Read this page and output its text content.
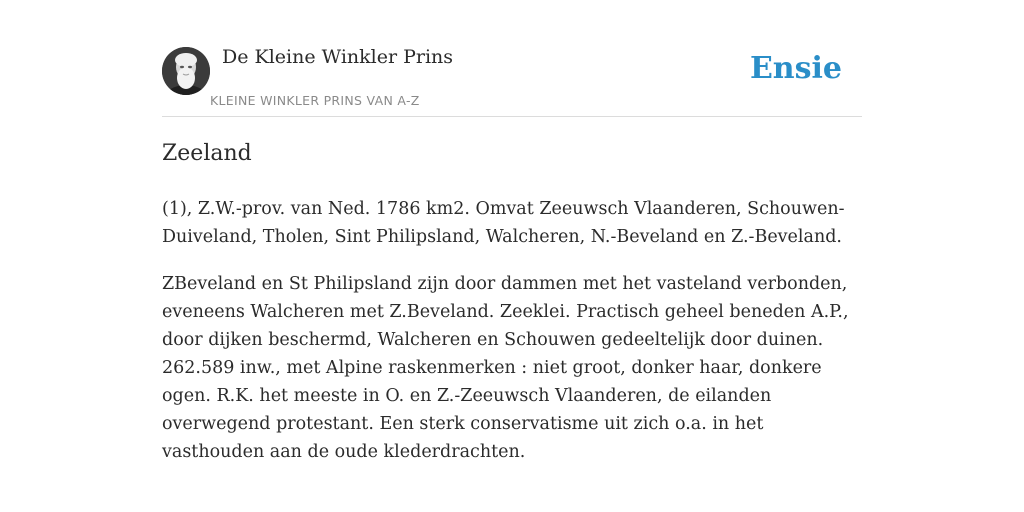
De Kleine Winkler Prins
KLEINE WINKLER PRINS VAN A-Z
Ensie
Zeeland

(1), Z.W.-prov. van Ned. 1786 km2. Omvat Zeeuwsch Vlaanderen, Schouwen-Duiveland, Tholen, Sint Philipsland, Walcheren, N.-Beveland en Z.-Beveland.

ZBeveland en St Philipsland zijn door dammen met het vasteland verbonden, eveneens Walcheren met Z.Beveland. Zeeklei. Practisch geheel beneden A.P., door dijken beschermd, Walcheren en Schouwen gedeeltelijk door duinen. 262.589 inw., met Alpine raskenmerken : niet groot, donker haar, donkere ogen. R.K. het meeste in O. en Z.-Zeeuwsch Vlaanderen, de eilanden overwegend protestant. Een sterk conservatisme uit zich o.a. in het vasthouden aan de oude klederdrachten.
